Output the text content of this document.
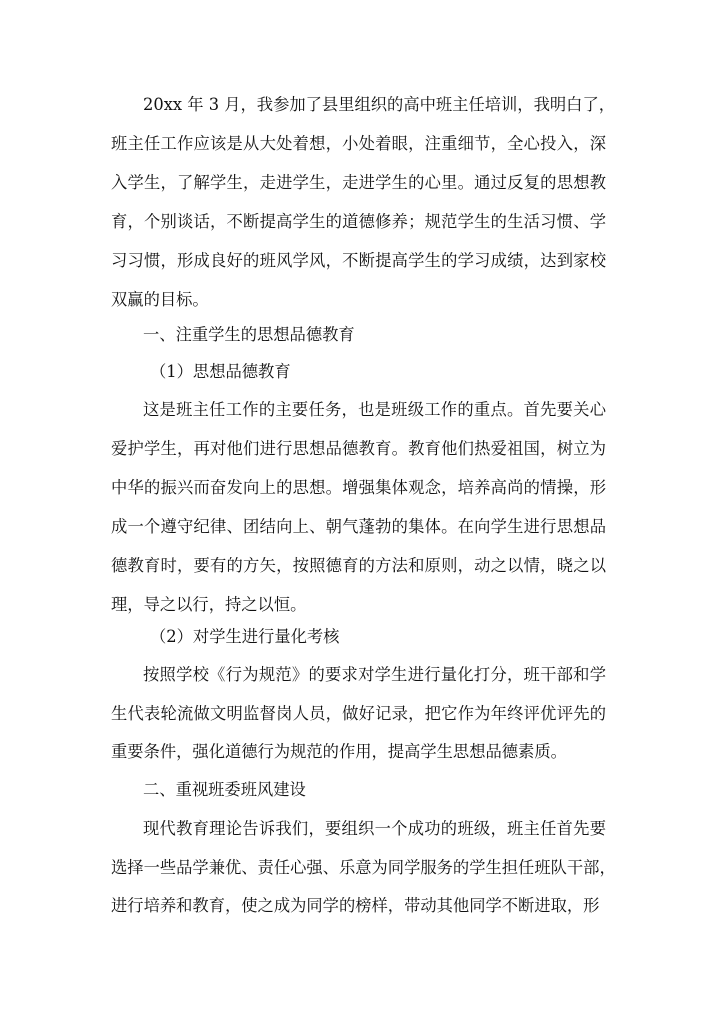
20xx 年 3 月，我参加了县里组织的高中班主任培训，我明白了，
班主任工作应该是从大处着想，小处着眼，注重细节，全心投入，深
入学生，了解学生，走进学生，走进学生的心里。通过反复的思想教
育，个别谈话，不断提高学生的道德修养；规范学生的生活习惯、学
习习惯，形成良好的班风学风，不断提高学生的学习成绩，达到家校
双赢的目标。
一、注重学生的思想品德教育
（1）思想品德教育
这是班主任工作的主要任务，也是班级工作的重点。首先要关心
爱护学生，再对他们进行思想品德教育。教育他们热爱祖国，树立为
中华的振兴而奋发向上的思想。增强集体观念，培养高尚的情操，形
成一个遵守纪律、团结向上、朝气蓬勃的集体。在向学生进行思想品
德教育时，要有的方矢，按照德育的方法和原则，动之以情，晓之以
理，导之以行，持之以恒。
（2）对学生进行量化考核
按照学校《行为规范》的要求对学生进行量化打分，班干部和学
生代表轮流做文明监督岗人员，做好记录，把它作为年终评优评先的
重要条件，强化道德行为规范的作用，提高学生思想品德素质。
二、重视班委班风建设
现代教育理论告诉我们，要组织一个成功的班级，班主任首先要
选择一些品学兼优、责任心强、乐意为同学服务的学生担任班队干部，
进行培养和教育，使之成为同学的榜样，带动其他同学不断进取，形
